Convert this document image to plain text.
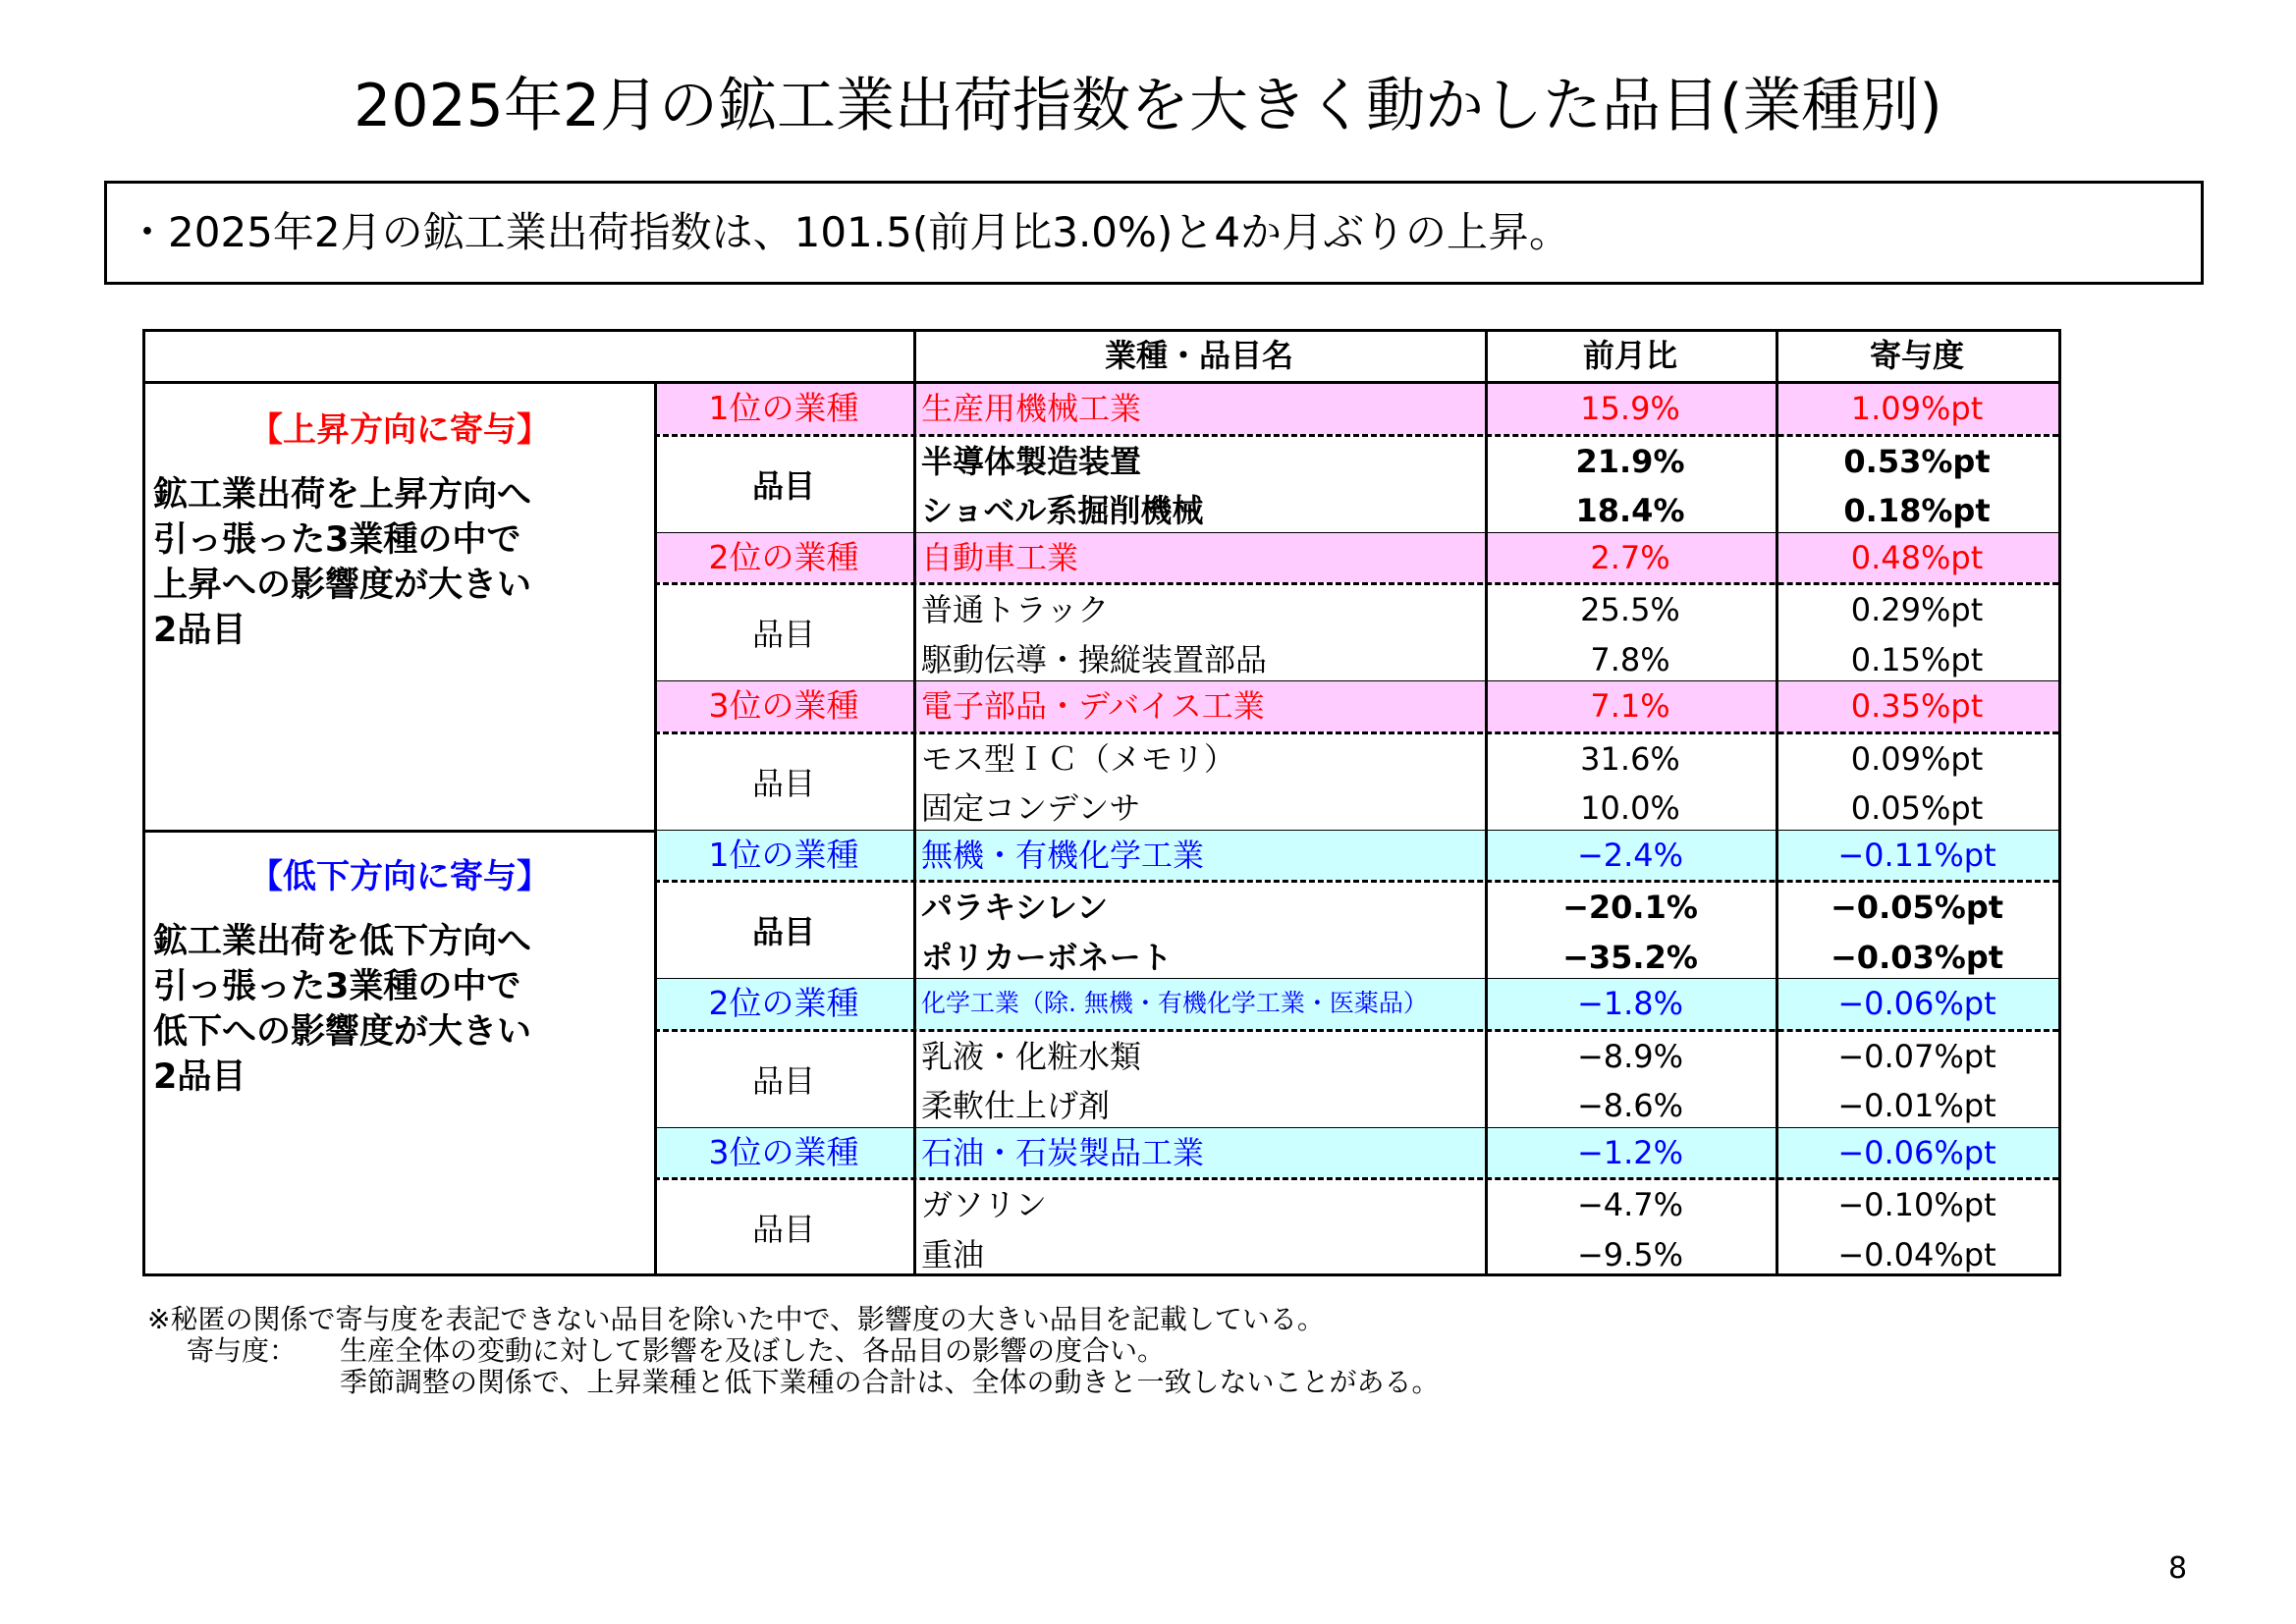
2025年2月の鉱工業出荷指数を大きく動かした品目(業種別)
・2025年2月の鉱工業出荷指数は、101.5(前月比3.0%)と4か月ぶりの上昇。
業種・品目名	前月比	寄与度
【上昇方向に寄与】
鉱工業出荷を上昇方向へ
引っ張った3業種の中で
上昇への影響度が大きい
2品目
1位の業種	生産用機械工業	15.9%	1.09%pt
品目
半導体製造装置	21.9%	0.53%pt
ショベル系掘削機械	18.4%	0.18%pt
2位の業種	自動車工業	2.7%	0.48%pt
品目
普通トラック	25.5%	0.29%pt
駆動伝導・操縦装置部品	7.8%	0.15%pt
3位の業種	電子部品・デバイス工業	7.1%	0.35%pt
品目
モス型ＩＣ（メモリ）	31.6%	0.09%pt
固定コンデンサ	10.0%	0.05%pt
【低下方向に寄与】
鉱工業出荷を低下方向へ
引っ張った3業種の中で
低下への影響度が大きい
2品目
1位の業種	無機・有機化学工業	−2.4%	−0.11%pt
品目
パラキシレン	−20.1%	−0.05%pt
ポリカーボネート	−35.2%	−0.03%pt
2位の業種	化学工業（除. 無機・有機化学工業・医薬品）	−1.8%	−0.06%pt
品目
乳液・化粧水類	−8.9%	−0.07%pt
柔軟仕上げ剤	−8.6%	−0.01%pt
3位の業種	石油・石炭製品工業	−1.2%	−0.06%pt
品目
ガソリン	−4.7%	−0.10%pt
重油	−9.5%	−0.04%pt
※秘匿の関係で寄与度を表記できない品目を除いた中で、影響度の大きい品目を記載している。
寄与度： 生産全体の変動に対して影響を及ぼした、各品目の影響の度合い。
季節調整の関係で、上昇業種と低下業種の合計は、全体の動きと一致しないことがある。
8
